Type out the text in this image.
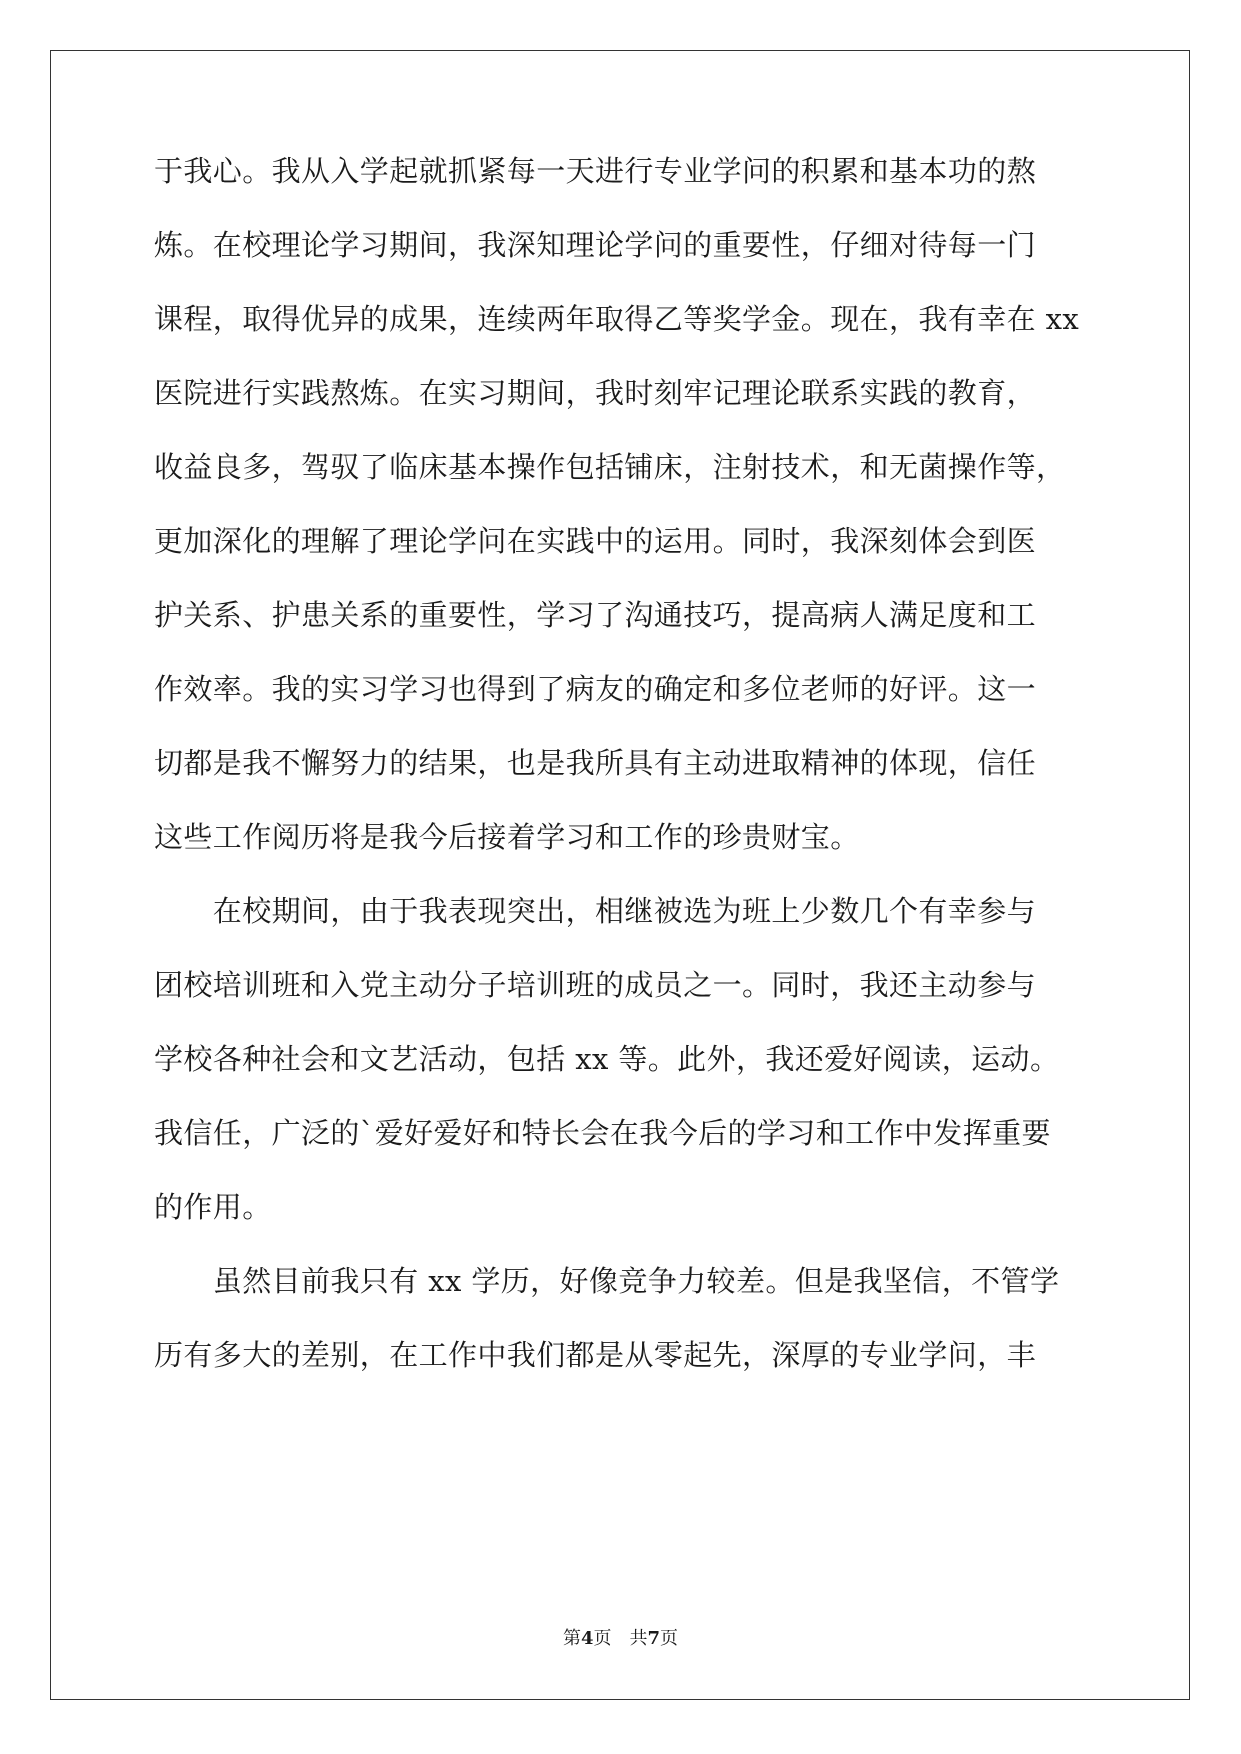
于我心。我从入学起就抓紧每一天进行专业学问的积累和基本功的熬
炼。在校理论学习期间，我深知理论学问的重要性，仔细对待每一门
课程，取得优异的成果，连续两年取得乙等奖学金。现在，我有幸在 xx
医院进行实践熬炼。在实习期间，我时刻牢记理论联系实践的教育，
收益良多，驾驭了临床基本操作包括铺床，注射技术，和无菌操作等，
更加深化的理解了理论学问在实践中的运用。同时，我深刻体会到医
护关系、护患关系的重要性，学习了沟通技巧，提高病人满足度和工
作效率。我的实习学习也得到了病友的确定和多位老师的好评。这一
切都是我不懈努力的结果，也是我所具有主动进取精神的体现，信任
这些工作阅历将是我今后接着学习和工作的珍贵财宝。
　　在校期间，由于我表现突出，相继被选为班上少数几个有幸参与
团校培训班和入党主动分子培训班的成员之一。同时，我还主动参与
学校各种社会和文艺活动，包括 xx 等。此外，我还爱好阅读，运动。
我信任，广泛的`爱好爱好和特长会在我今后的学习和工作中发挥重要
的作用。
　　虽然目前我只有 xx 学历，好像竞争力较差。但是我坚信，不管学
历有多大的差别，在工作中我们都是从零起先，深厚的专业学问，丰
第4页　共7页
